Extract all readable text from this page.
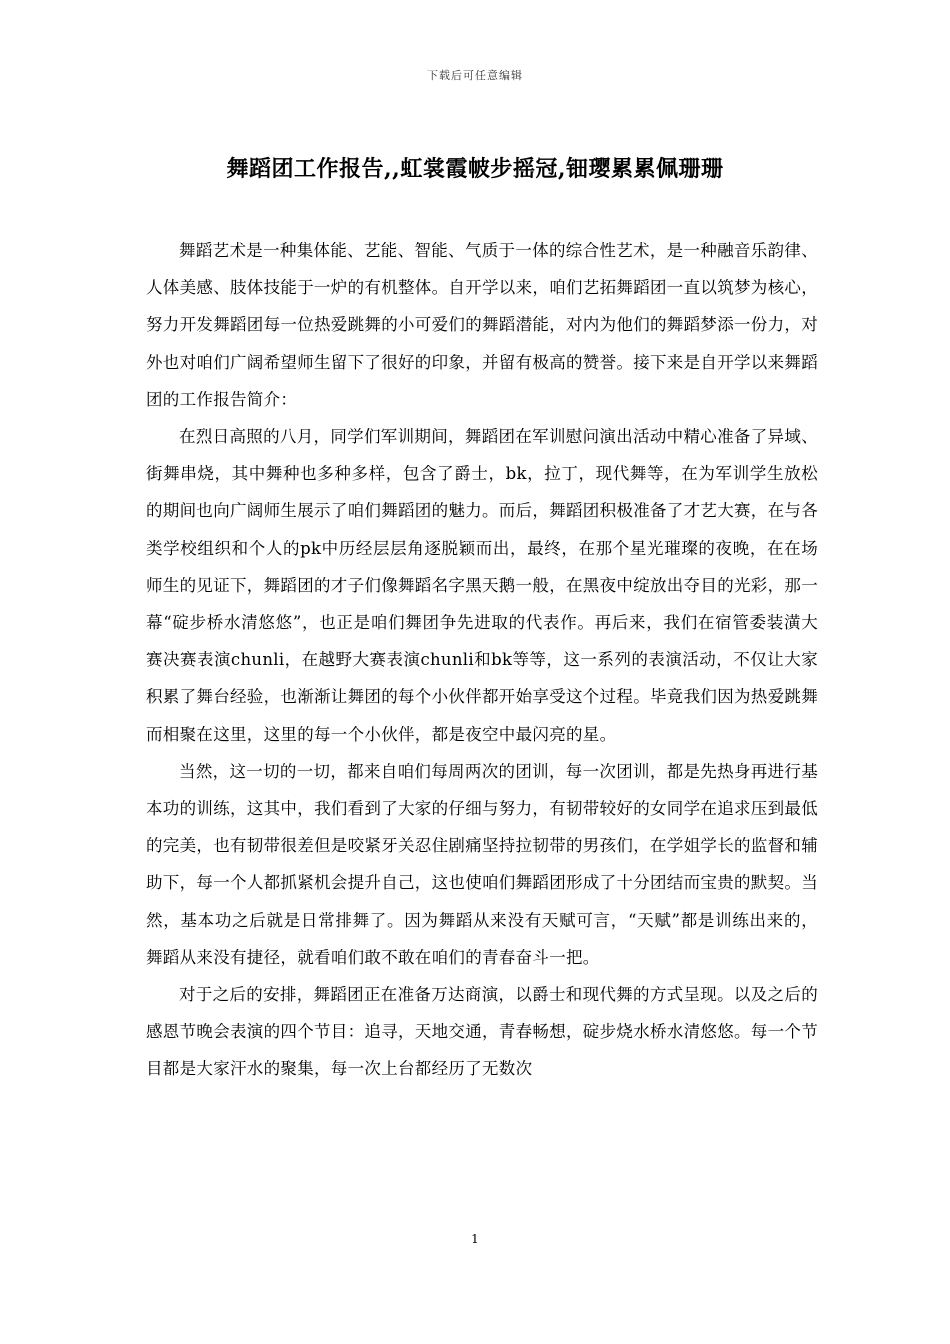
下载后可任意编辑
舞蹈团工作报告,,虹裳霞帔步摇冠,钿璎累累佩珊珊

舞蹈艺术是一种集体能、艺能、智能、气质于一体的综合性艺术，是一种融音乐韵律、人体美感、肢体技能于一炉的有机整体。自开学以来，咱们艺拓舞蹈团一直以筑梦为核心，努力开发舞蹈团每一位热爱跳舞的小可爱们的舞蹈潜能，对内为他们的舞蹈梦添一份力，对外也对咱们广阔希望师生留下了很好的印象，并留有极高的赞誉。接下来是自开学以来舞蹈团的工作报告简介：

在烈日高照的八月，同学们军训期间，舞蹈团在军训慰问演出活动中精心准备了异域、街舞串烧，其中舞种也多种多样，包含了爵士，bk，拉丁，现代舞等，在为军训学生放松的期间也向广阔师生展示了咱们舞蹈团的魅力。而后，舞蹈团积极准备了才艺大赛，在与各类学校组织和个人的pk中历经层层角逐脱颖而出，最终，在那个星光璀璨的夜晚，在在场师生的见证下，舞蹈团的才子们像舞蹈名字黑天鹅一般，在黑夜中绽放出夺目的光彩，那一幕“碇步桥水清悠悠”，也正是咱们舞团争先进取的代表作。再后来，我们在宿管委装潢大赛决赛表演chunli，在越野大赛表演chunli和bk等等，这一系列的表演活动，不仅让大家积累了舞台经验，也渐渐让舞团的每个小伙伴都开始享受这个过程。毕竟我们因为热爱跳舞而相聚在这里，这里的每一个小伙伴，都是夜空中最闪亮的星。

当然，这一切的一切，都来自咱们每周两次的团训，每一次团训，都是先热身再进行基本功的训练，这其中，我们看到了大家的仔细与努力，有韧带较好的女同学在追求压到最低的完美，也有韧带很差但是咬紧牙关忍住剧痛坚持拉韧带的男孩们，在学姐学长的监督和辅助下，每一个人都抓紧机会提升自己，这也使咱们舞蹈团形成了十分团结而宝贵的默契。当然，基本功之后就是日常排舞了。因为舞蹈从来没有天赋可言，“天赋”都是训练出来的，舞蹈从来没有捷径，就看咱们敢不敢在咱们的青春奋斗一把。

对于之后的安排，舞蹈团正在准备万达商演，以爵士和现代舞的方式呈现。以及之后的感恩节晚会表演的四个节目：追寻，天地交通，青春畅想，碇步烧水桥水清悠悠。每一个节目都是大家汗水的聚集，每一次上台都经历了无数次

1
